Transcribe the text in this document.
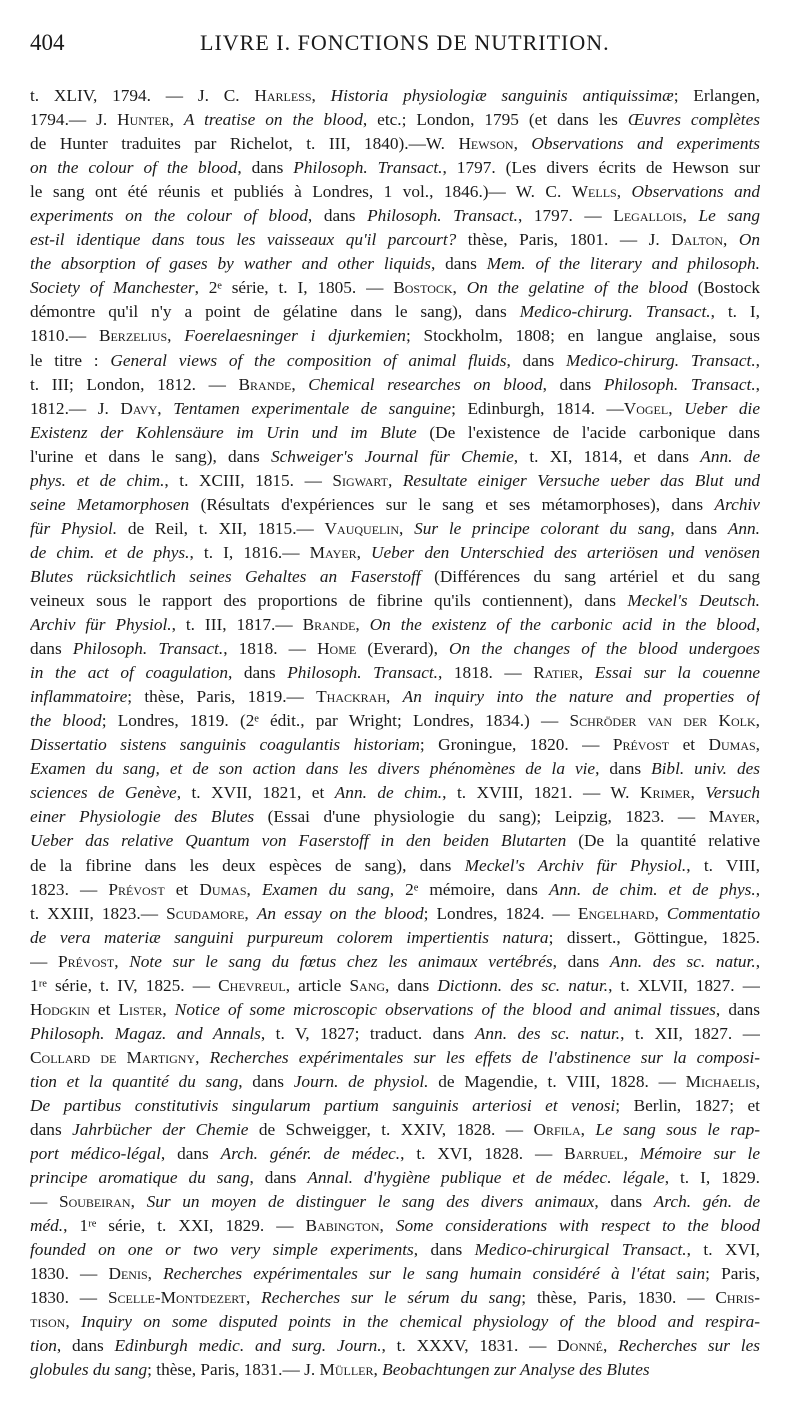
404	LIVRE I. FONCTIONS DE NUTRITION.
t. XLIV, 1794. — J. C. Harless, Historia physiologiæ sanguinis antiquissimæ; Erlangen,
1794.— J. Hunter, A treatise on the blood, etc.; London, 1795 (et dans les Œuvres complètes
de Hunter traduites par Richelot, t. III, 1840).—W. Hewson, Observations and experiments
on the colour of the blood, dans Philosoph. Transact., 1797. (Les divers écrits de Hewson sur
le sang ont été réunis et publiés à Londres, 1 vol., 1846.)— W. C. Wells, Observations and
experiments on the colour of blood, dans Philosoph. Transact., 1797. — Legallois, Le sang
est-il identique dans tous les vaisseaux qu'il parcourt? thèse, Paris, 1801. — J. Dalton, On
the absorption of gases by wather and other liquids, dans Mem. of the literary and philosoph.
Society of Manchester, 2ᵉ série, t. I, 1805. — Bostock, On the gelatine of the blood (Bostock
démontre qu'il n'y a point de gélatine dans le sang), dans Medico-chirurg. Transact., t. I,
1810.— Berzelius, Foerelaesninger i djurkemien; Stockholm, 1808; en langue anglaise, sous
le titre : General views of the composition of animal fluids, dans Medico-chirurg. Transact.,
t. III; London, 1812. — Brande, Chemical researches on blood, dans Philosoph. Transact.,
1812.— J. Davy, Tentamen experimentale de sanguine; Edinburgh, 1814. —Vogel, Ueber die
Existenz der Kohlensäure im Urin und im Blute (De l'existence de l'acide carbonique dans
l'urine et dans le sang), dans Schweiger's Journal für Chemie, t. XI, 1814, et dans Ann. de
phys. et de chim., t. XCIII, 1815. — Sigwart, Resultate einiger Versuche ueber das Blut und
seine Metamorphosen (Résultats d'expériences sur le sang et ses métamorphoses), dans Archiv
für Physiol. de Reil, t. XII, 1815.— Vauquelin, Sur le principe colorant du sang, dans Ann.
de chim. et de phys., t. I, 1816.— Mayer, Ueber den Unterschied des arteriösen und venösen
Blutes rücksichtlich seines Gehaltes an Faserstoff (Différences du sang artériel et du sang
veineux sous le rapport des proportions de fibrine qu'ils contiennent), dans Meckel's Deutsch.
Archiv für Physiol., t. III, 1817.— Brande, On the existenz of the carbonic acid in the blood,
dans Philosoph. Transact., 1818. — Home (Everard), On the changes of the blood undergoes
in the act of coagulation, dans Philosoph. Transact., 1818. — Ratier, Essai sur la couenne
inflammatoire; thèse, Paris, 1819.— Thackrah, An inquiry into the nature and properties of
the blood; Londres, 1819. (2ᵉ édit., par Wright; Londres, 1834.) — Schröder van der Kolk,
Dissertatio sistens sanguinis coagulantis historiam; Groningue, 1820. — Prévost et Dumas,
Examen du sang, et de son action dans les divers phénomènes de la vie, dans Bibl. univ. des
sciences de Genève, t. XVII, 1821, et Ann. de chim., t. XVIII, 1821. — W. Krimer, Versuch
einer Physiologie des Blutes (Essai d'une physiologie du sang); Leipzig, 1823. — Mayer,
Ueber das relative Quantum von Faserstoff in den beiden Blutarten (De la quantité relative
de la fibrine dans les deux espèces de sang), dans Meckel's Archiv für Physiol., t. VIII,
1823. — Prévost et Dumas, Examen du sang, 2ᵉ mémoire, dans Ann. de chim. et de phys.,
t. XXIII, 1823.— Scudamore, An essay on the blood; Londres, 1824. — Engelhard, Commentatio
de vera materiæ sanguini purpureum colorem impertientis natura; dissert., Göttingue, 1825.
— Prévost, Note sur le sang du fœtus chez les animaux vertébrés, dans Ann. des sc. natur.,
1ʳᵉ série, t. IV, 1825. — Chevreul, article Sang, dans Dictionn. des sc. natur., t. XLVII, 1827. —
Hodgkin et Lister, Notice of some microscopic observations of the blood and animal tissues, dans
Philosoph. Magaz. and Annals, t. V, 1827; traduct. dans Ann. des sc. natur., t. XII, 1827. —
Collard de Martigny, Recherches expérimentales sur les effets de l'abstinence sur la composi-
tion et la quantité du sang, dans Journ. de physiol. de Magendie, t. VIII, 1828. — Michaelis,
De partibus constitutivis singularum partium sanguinis arteriosi et venosi; Berlin, 1827; et
dans Jahrbücher der Chemie de Schweigger, t. XXIV, 1828. — Orfila, Le sang sous le rap-
port médico-légal, dans Arch. génér. de médec., t. XVI, 1828. — Barruel, Mémoire sur le
principe aromatique du sang, dans Annal. d'hygiène publique et de médec. légale, t. I, 1829.
— Soubeiran, Sur un moyen de distinguer le sang des divers animaux, dans Arch. gén. de
méd., 1ʳᵉ série, t. XXI, 1829. — Babington, Some considerations with respect to the blood
founded on one or two very simple experiments, dans Medico-chirurgical Transact., t. XVI,
1830. — Denis, Recherches expérimentales sur le sang humain considéré à l'état sain; Paris,
1830. — Scelle-Montdezert, Recherches sur le sérum du sang; thèse, Paris, 1830. — Chris-
tison, Inquiry on some disputed points in the chemical physiology of the blood and respira-
tion, dans Edinburgh medic. and surg. Journ., t. XXXV, 1831. — Donné, Recherches sur les
globules du sang; thèse, Paris, 1831.— J. Müller, Beobachtungen zur Analyse des Blutes
